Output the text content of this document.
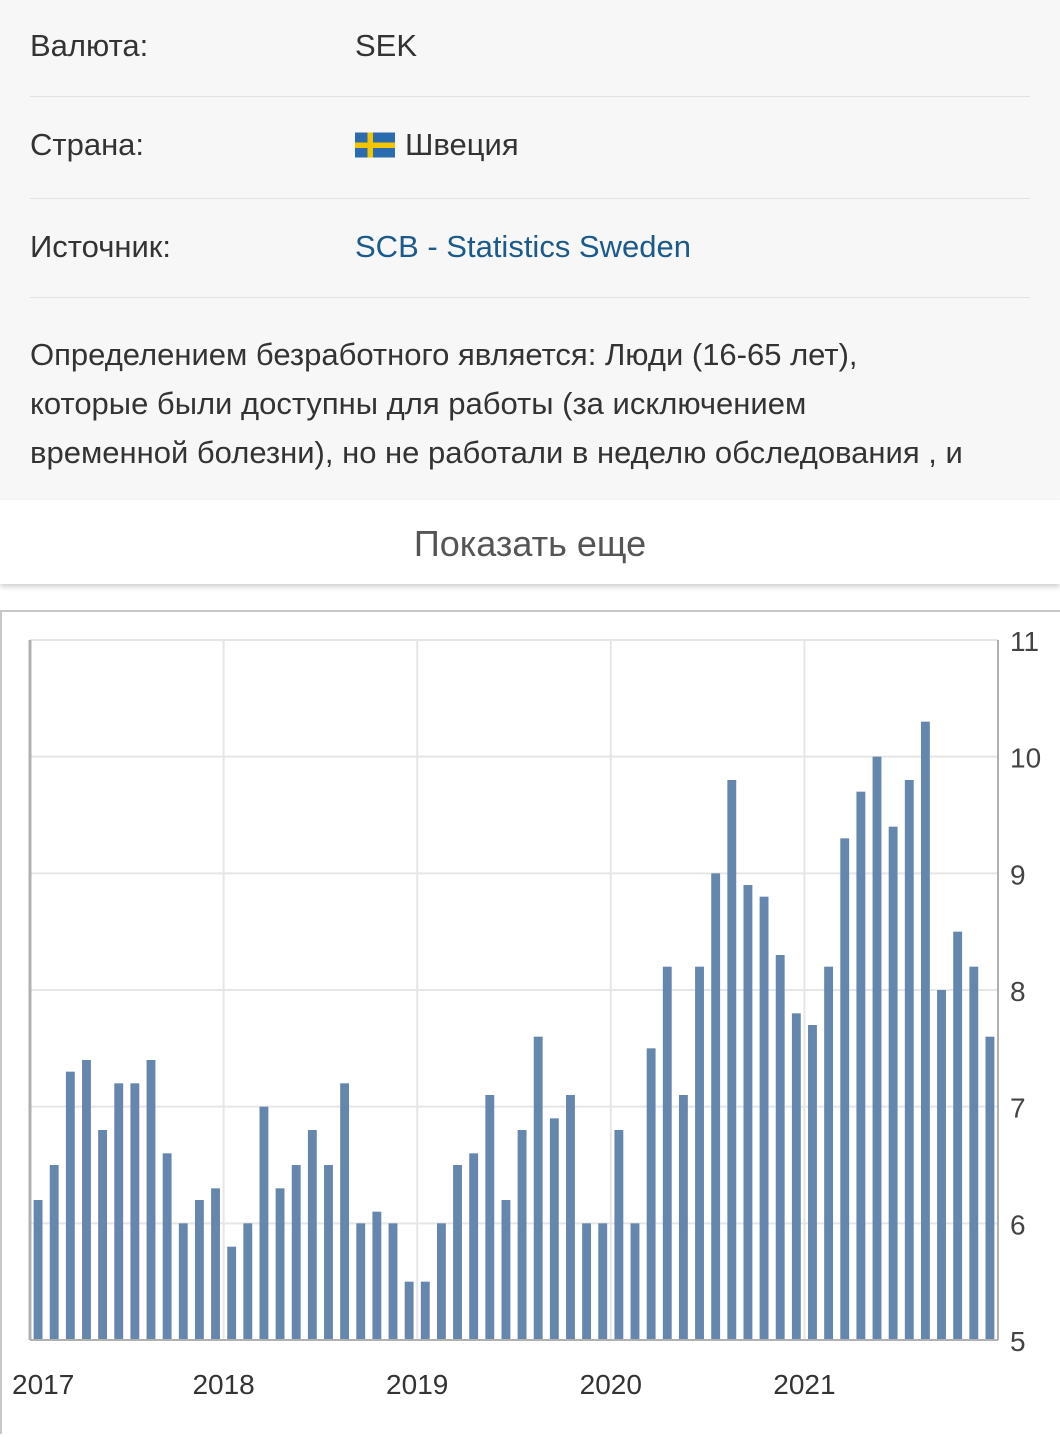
Валюта:	SEK
Страна:	Швеция
Источник:	SCB - Statistics Sweden
Определением безработного является: Люди (16-65 лет),
которые были доступны для работы (за исключением
временной болезни), но не работали в неделю обследования , и
Показать еще
5
6
7
8
9
10
11
2017	2018	2019	2020	2021
